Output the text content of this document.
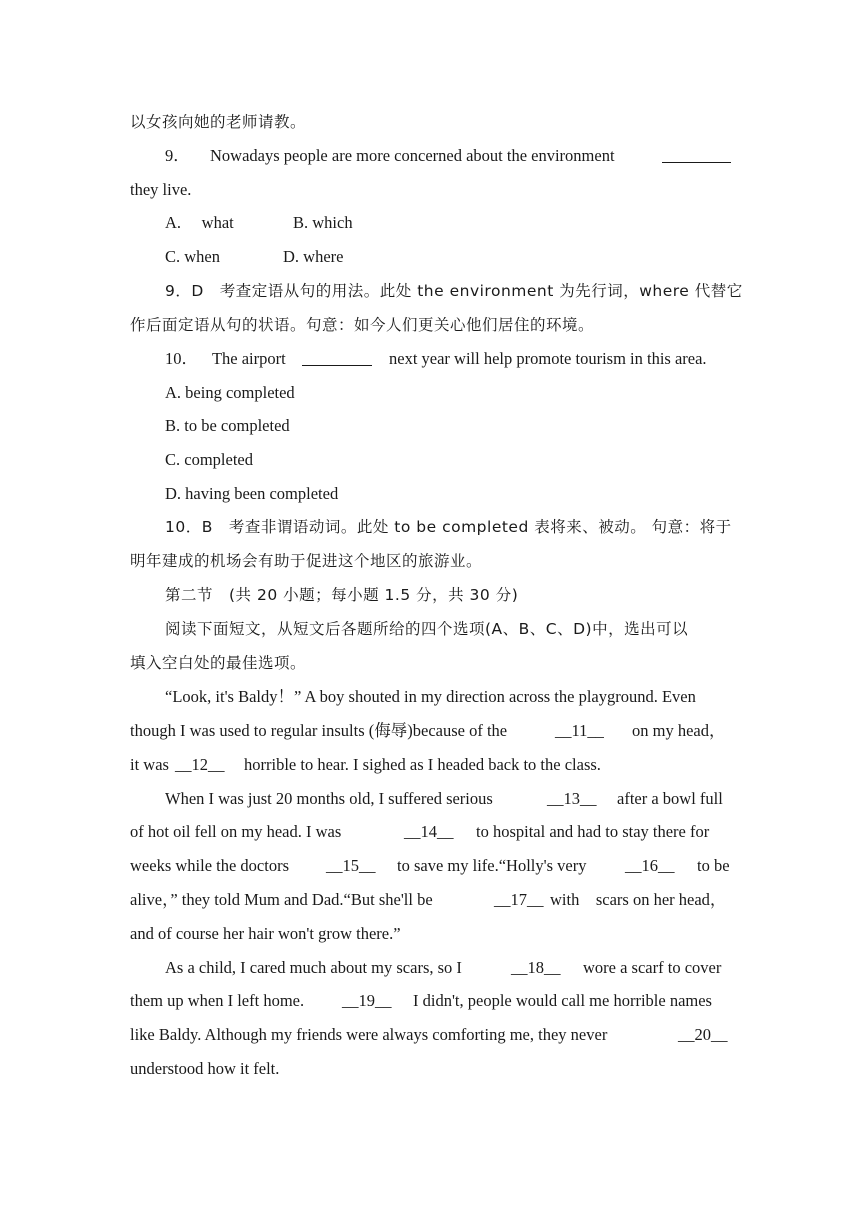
以女孩向她的老师请教。
9． Nowadays people are more concerned about the environment
they live.
A.　 what	B. which
C. when	D. where
9．D　考查定语从句的用法。此处 the environment 为先行词，where 代替它
作后面定语从句的状语。句意：如今人们更关心他们居住的环境。
10． The airport	next year will help promote tourism in this area.
A. being completed
B. to be completed
C. completed
D. having been completed
10．B　考查非谓语动词。此处 to be completed 表将来、被动。 句意：将于
明年建成的机场会有助于促进这个地区的旅游业。
第二节　(共 20 小题；每小题 1.5 分，共 30 分)
阅读下面短文，从短文后各题所给的四个选项(A、B、C、D)中，选出可以
填入空白处的最佳选项。
“Look, it's Baldy！” A boy shouted in my direction across the playground. Even
though I was used to regular insults (侮辱)because of the	__11__ on my head，
it was __12__ horrible to hear. I sighed as I headed back to the class.
When I was just 20 months old, I suffered serious	__13__ after a bowl full
of hot oil fell on my head. I was	__14__ to hospital and had to stay there for
weeks while the doctors __15__ to save my life.“Holly's very __16__ to be
alive，” they told Mum and Dad.“But she'll be	__17__ with　scars on her head，
and of course her hair won't grow there.”
As a child, I cared much about my scars, so I	__18__ wore a scarf to cover
them up when I left home. __19__ I didn't, people would call me horrible names
like Baldy. Although my friends were always comforting me, they never	__20__
understood how it felt.
